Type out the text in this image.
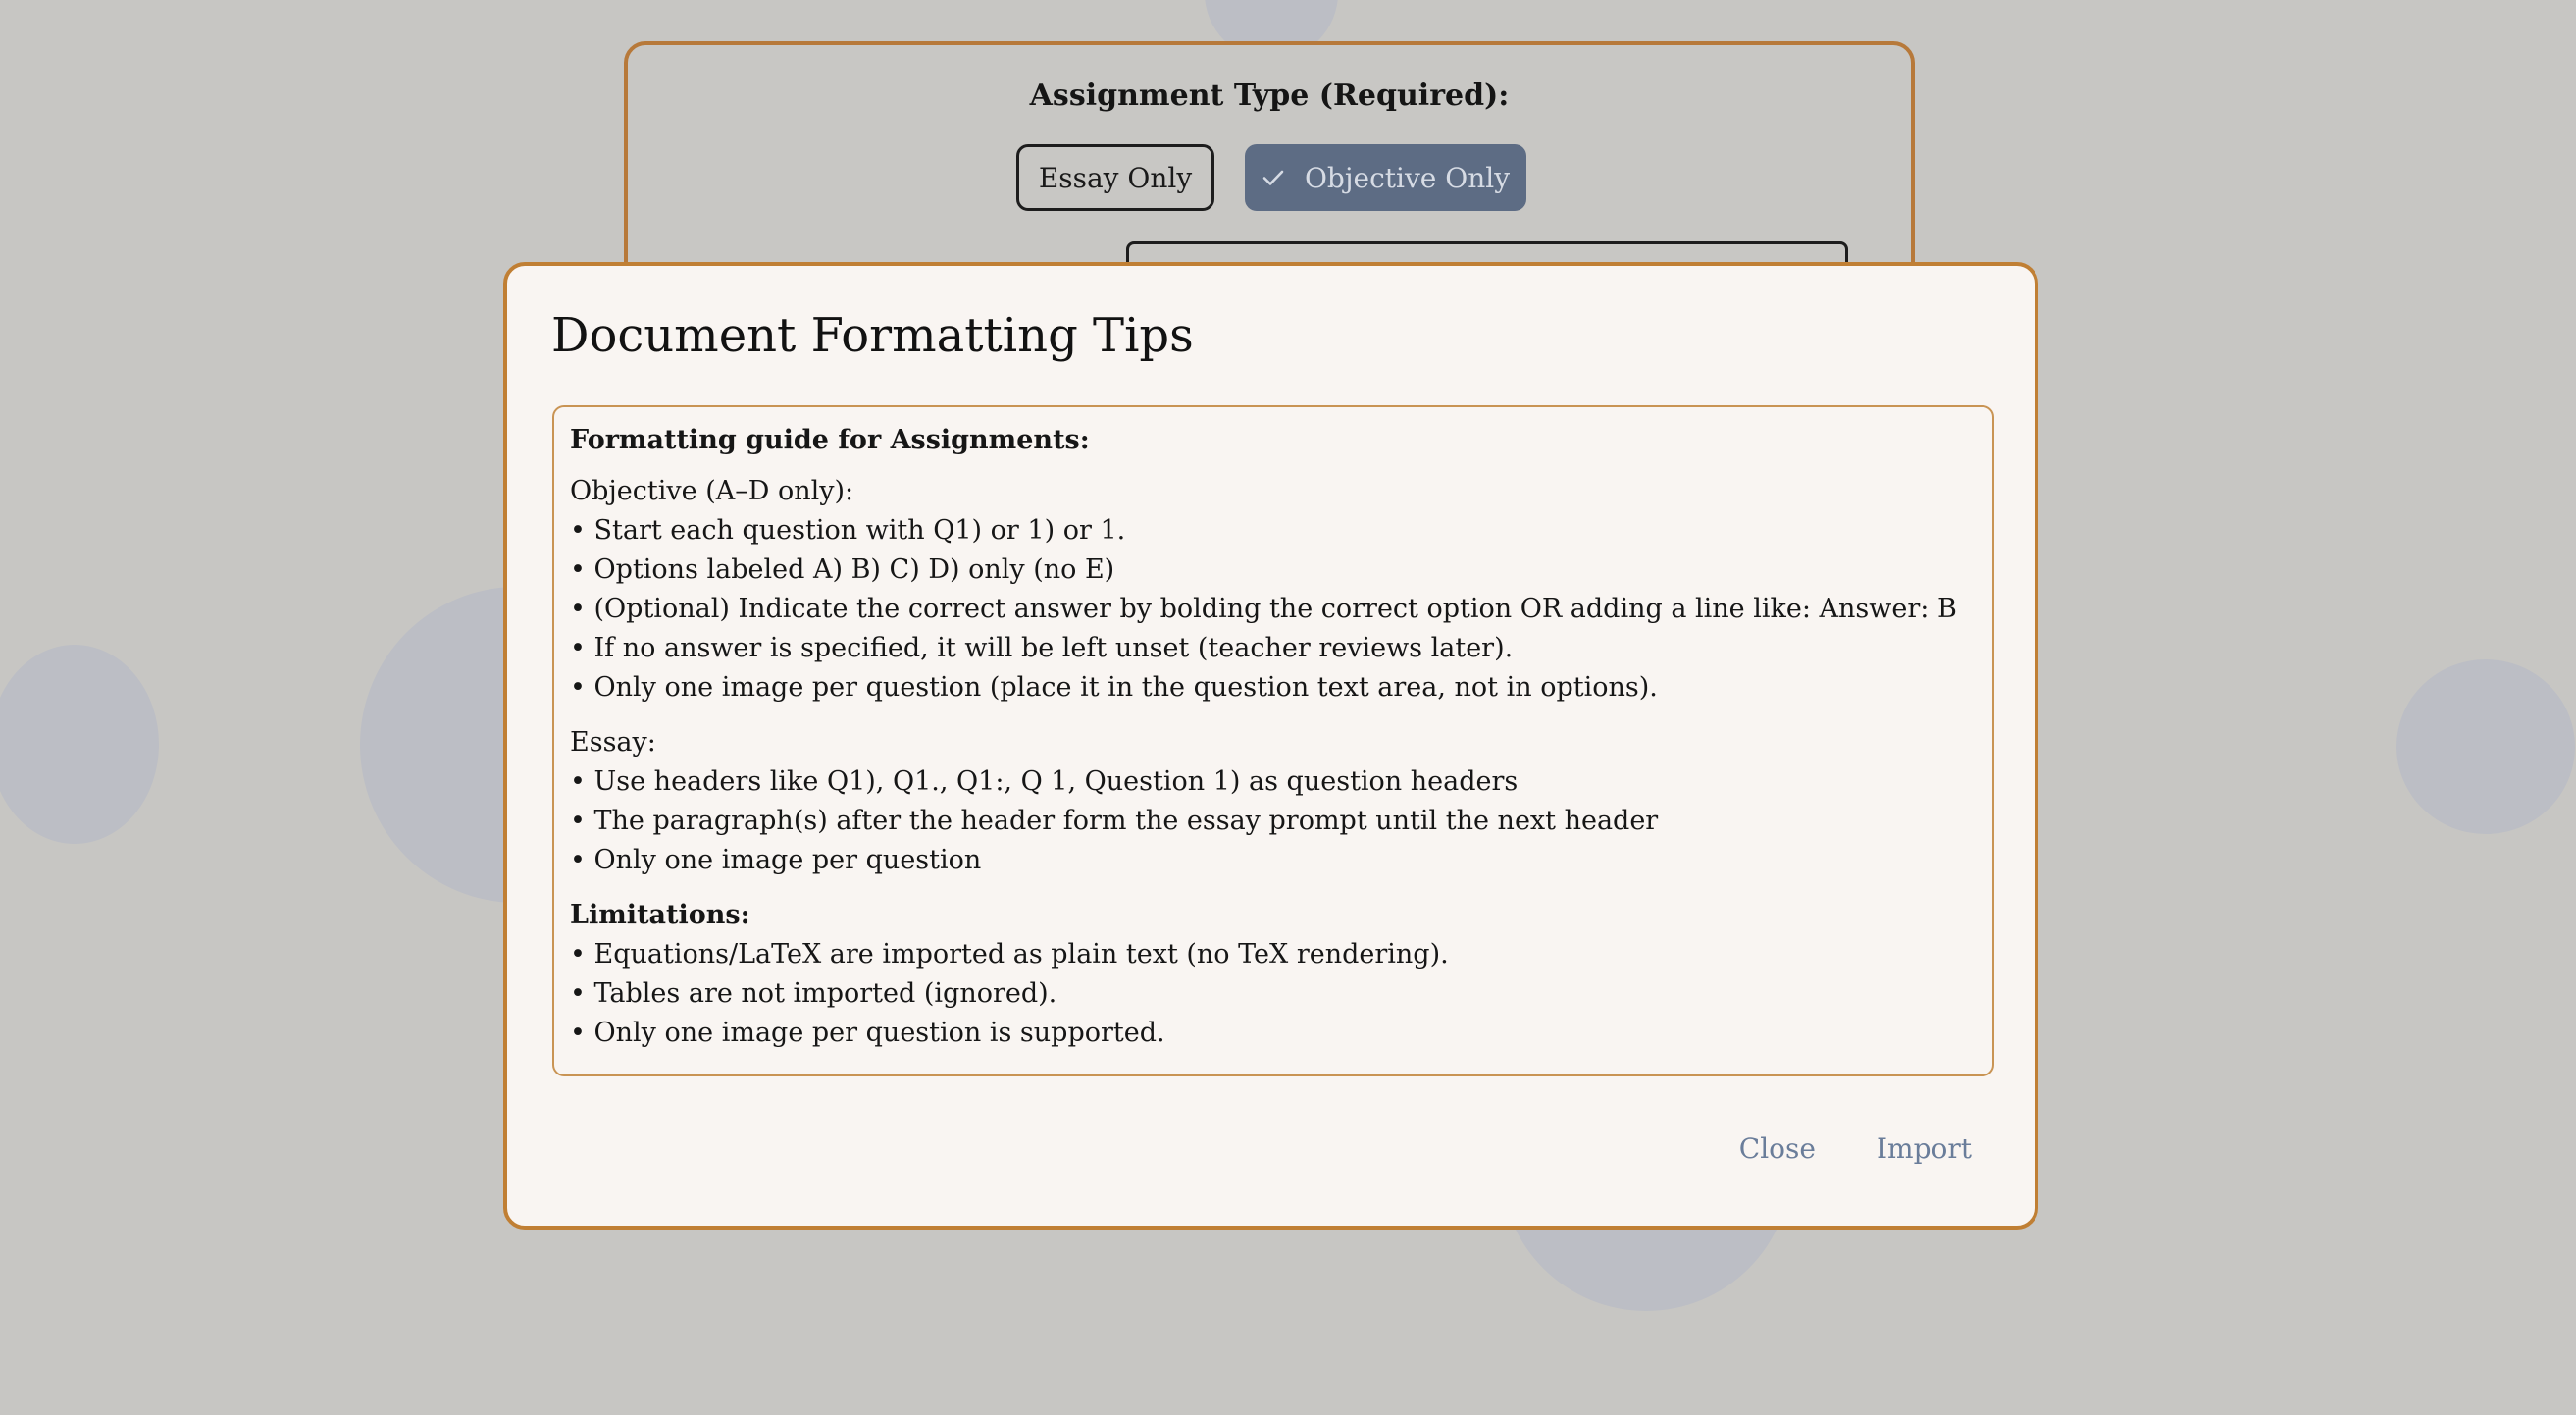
Assignment Type (Required):
Essay Only	Objective Only
Document Formatting Tips
Formatting guide for Assignments:
Objective (A–D only):
• Start each question with Q1) or 1) or 1.
• Options labeled A) B) C) D) only (no E)
• (Optional) Indicate the correct answer by bolding the correct option OR adding a line like: Answer: B
• If no answer is specified, it will be left unset (teacher reviews later).
• Only one image per question (place it in the question text area, not in options).
Essay:
• Use headers like Q1), Q1., Q1:, Q 1, Question 1) as question headers
• The paragraph(s) after the header form the essay prompt until the next header
• Only one image per question
Limitations:
• Equations/LaTeX are imported as plain text (no TeX rendering).
• Tables are not imported (ignored).
• Only one image per question is supported.
Close Import
